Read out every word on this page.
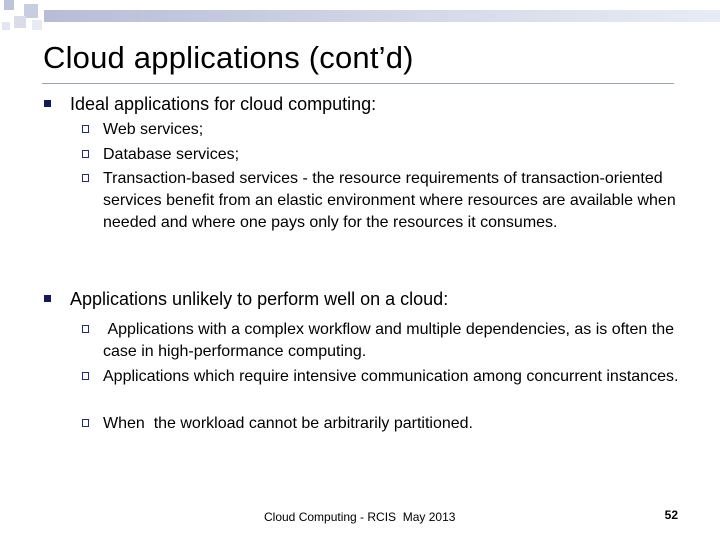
Cloud applications (cont’d)
Ideal applications for cloud computing:
Web services;
Database services;
Transaction-based services - the resource requirements of transaction-oriented services benefit from an elastic environment where resources are available when needed and where one pays only for the resources it consumes.
Applications unlikely to perform well on a cloud:
Applications with a complex workflow and multiple dependencies, as is often the case in high-performance computing.
Applications which require intensive communication among concurrent instances.
When  the workload cannot be arbitrarily partitioned.
Cloud Computing - RCIS  May 2013	52
